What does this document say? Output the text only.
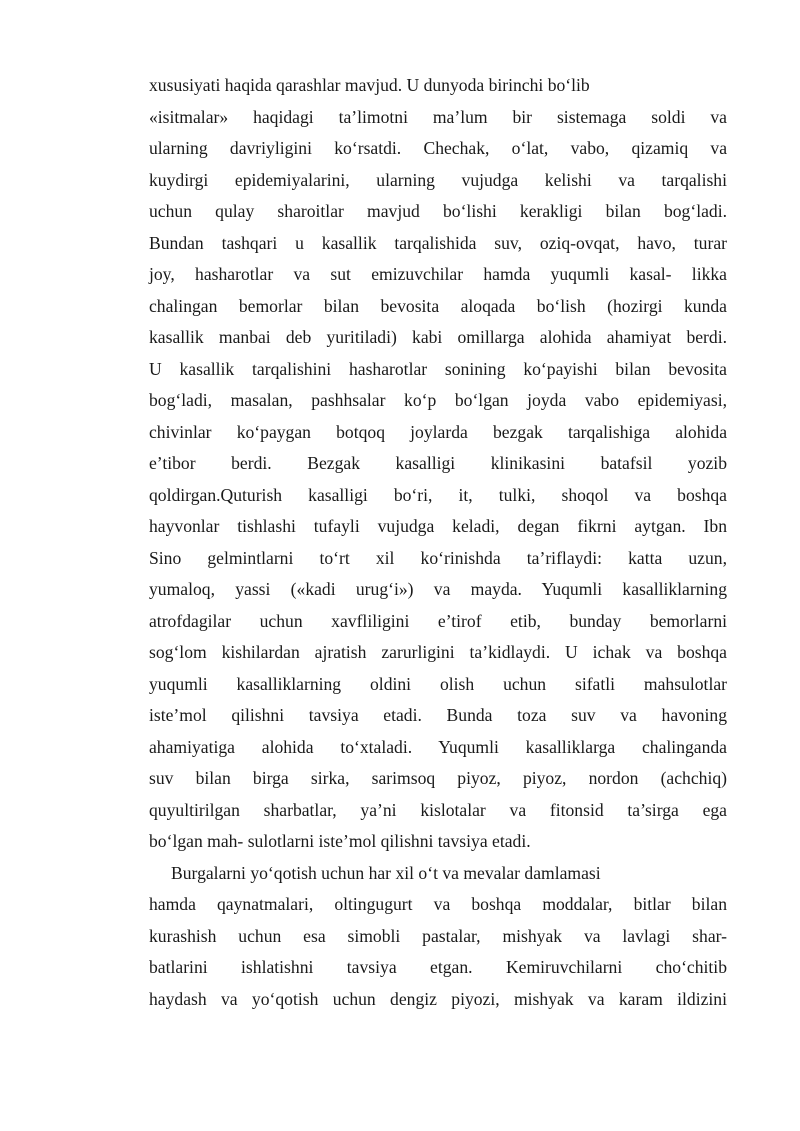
xususiyati haqida qarashlar mavjud. U dunyoda birinchi bo‘lib
«isitmalar» haqidagi ta’limotni ma’lum bir sistemaga soldi va
ularning davriyligini ko‘rsatdi. Chechak, o‘lat, vabo, qizamiq va
kuydirgi epidemiyalarini, ularning vujudga kelishi va tarqalishi
uchun qulay sharoitlar mavjud bo‘lishi kerakligi bilan bog‘ladi.
Bundan tashqari u kasallik tarqalishida suv, oziq-ovqat, havo, turar
joy, hasharotlar va sut emizuvchilar hamda yuqumli kasal- likka
chalingan bemorlar bilan bevosita aloqada bo‘lish (hozirgi kunda
kasallik manbai deb yuritiladi) kabi omillarga alohida ahamiyat berdi.
U kasallik tarqalishini hasharotlar sonining ko‘payishi bilan bevosita
bog‘ladi, masalan, pashhsalar ko‘p bo‘lgan joyda vabo epidemiyasi,
chivinlar ko‘paygan botqoq joylarda bezgak tarqalishiga alohida
e’tibor berdi. Bezgak kasalligi klinikasini batafsil yozib
qoldirgan.Quturish kasalligi bo‘ri, it, tulki, shoqol va boshqa
hayvonlar tishlashi tufayli vujudga keladi, degan fikrni aytgan. Ibn
Sino gelmintlarni to‘rt xil ko‘rinishda ta’riflaydi: katta uzun,
yumaloq, yassi («kadi urug‘i») va mayda. Yuqumli kasalliklarning
atrofdagilar uchun xavfliligini e’tirof etib, bunday bemorlarni
sog‘lom kishilardan ajratish zarurligini ta’kidlaydi. U ichak va boshqa
yuqumli kasalliklarning oldini olish uchun sifatli mahsulotlar
iste’mol qilishni tavsiya etadi. Bunda toza suv va havoning
ahamiyatiga alohida to‘xtaladi. Yuqumli kasalliklarga chalinganda
suv bilan birga sirka, sarimsoq piyoz, piyoz, nordon (achchiq)
quyultirilgan sharbatlar, ya’ni kislotalar va fitonsid ta’sirga ega
bo‘lgan mah- sulotlarni iste’mol qilishni tavsiya etadi.
Burgalarni yo‘qotish uchun har xil o‘t va mevalar damlamasi
hamda qaynatmalari, oltingugurt va boshqa moddalar, bitlar bilan
kurashish uchun esa simobli pastalar, mishyak va lavlagi shar-
batlarini ishlatishni tavsiya etgan. Kemiruvchilarni cho‘chitib
haydash va yo‘qotish uchun dengiz piyozi, mishyak va karam ildizini
